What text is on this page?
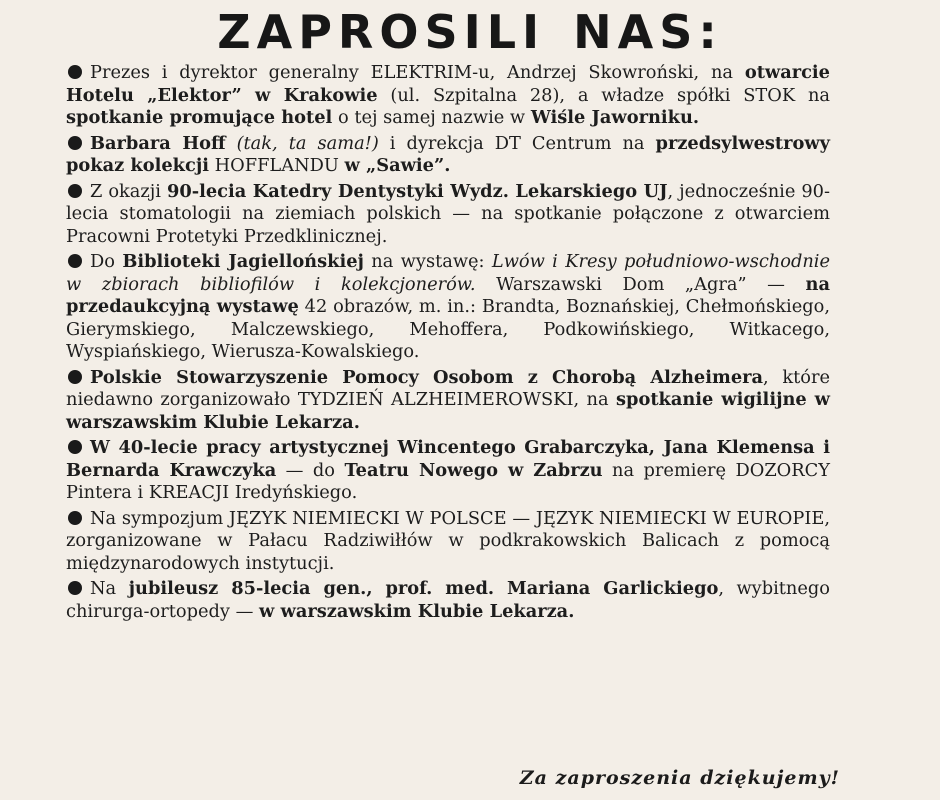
ZAPROSILI NAS:

Prezes i dyrektor generalny ELEKTRIM-u, Andrzej Skowroński, na otwarcie Hotelu „Elektor” w Krakowie (ul. Szpitalna 28), a władze spółki STOK na spotkanie promujące hotel o tej samej nazwie w Wiśle Jaworniku.

Barbara Hoff (tak, ta sama!) i dyrekcja DT Centrum na przedsylwestrowy pokaz kolekcji HOFFLANDU w „Sawie”.

Z okazji 90-lecia Katedry Dentystyki Wydz. Lekarskiego UJ, jednocześnie 90-lecia stomatologii na ziemiach polskich — na spotkanie połączone z otwarciem Pracowni Protetyki Przedklinicznej.

Do Biblioteki Jagiellońskiej na wystawę: Lwów i Kresy południowo-wschodnie w zbiorach bibliofilów i kolekcjonerów. Warszawski Dom „Agra” — na przedaukcyjną wystawę 42 obrazów, m. in.: Brandta, Boznańskiej, Chełmońskiego, Gierymskiego, Malczewskiego, Mehoffera, Podkowińskiego, Witkacego, Wyspiańskiego, Wierusza-Kowalskiego.

Polskie Stowarzyszenie Pomocy Osobom z Chorobą Alzheimera, które niedawno zorganizowało TYDZIEŃ ALZHEIMEROWSKI, na spotkanie wigilijne w warszawskim Klubie Lekarza.

W 40-lecie pracy artystycznej Wincentego Grabarczyka, Jana Klemensa i Bernarda Krawczyka — do Teatru Nowego w Zabrzu na premierę DOZORCY Pintera i KREACJI Iredyńskiego.

Na sympozjum JĘZYK NIEMIECKI W POLSCE — JĘZYK NIEMIECKI W EUROPIE, zorganizowane w Pałacu Radziwiłłów w podkrakowskich Balicach z pomocą międzynarodowych instytucji.

Na jubileusz 85-lecia gen., prof. med. Mariana Garlickiego, wybitnego chirurga-ortopedy — w warszawskim Klubie Lekarza.

Za zaproszenia dziękujemy!
